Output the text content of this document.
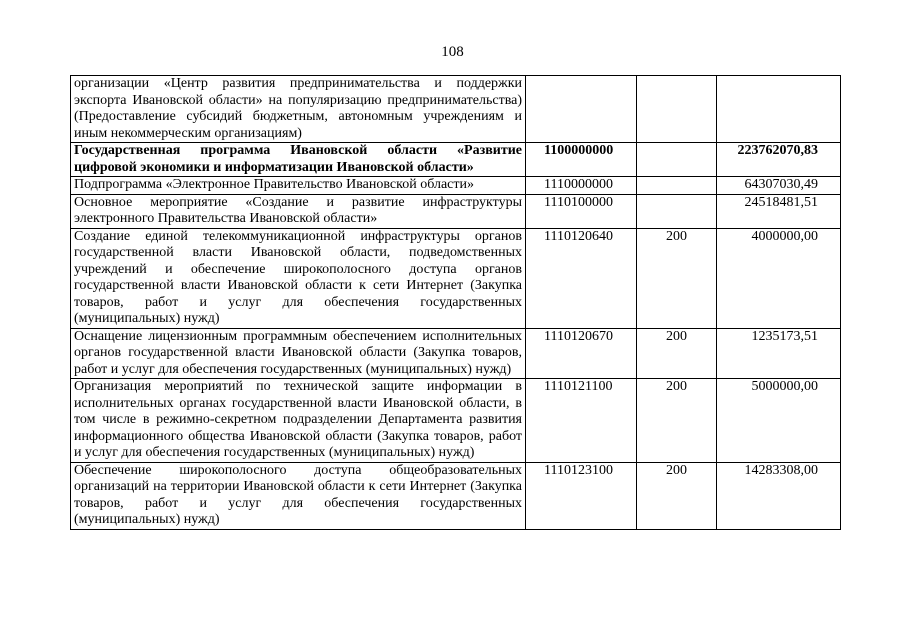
108
организации «Центр развития предпринимательства и поддержки экспорта Ивановской области» на популяризацию предпринимательства) (Предоставление субсидий бюджетным, автономным учреждениям и иным некоммерческим организациям)			
Государственная программа Ивановской области «Развитие цифровой экономики и информатизации Ивановской области»	1100000000		223762070,83
Подпрограмма «Электронное Правительство Ивановской области»	1110000000		64307030,49
Основное мероприятие «Создание и развитие инфраструктуры электронного Правительства Ивановской области»	1110100000		24518481,51
Создание единой телекоммуникационной инфраструктуры органов государственной власти Ивановской области, подведомственных учреждений и обеспечение широкополосного доступа органов государственной власти Ивановской области к сети Интернет (Закупка товаров, работ и услуг для обеспечения государственных (муниципальных) нужд)	1110120640	200	4000000,00
Оснащение лицензионным программным обеспечением исполнительных органов государственной власти Ивановской области (Закупка товаров, работ и услуг для обеспечения государственных (муниципальных) нужд)	1110120670	200	1235173,51
Организация мероприятий по технической защите информации в исполнительных органах государственной власти Ивановской области, в том числе в режимно-секретном подразделении Департамента развития информационного общества Ивановской области (Закупка товаров, работ и услуг для обеспечения государственных (муниципальных) нужд)	1110121100	200	5000000,00
Обеспечение широкополосного доступа общеобразовательных организаций на территории Ивановской области к сети Интернет (Закупка товаров, работ и услуг для обеспечения государственных (муниципальных) нужд)	1110123100	200	14283308,00
